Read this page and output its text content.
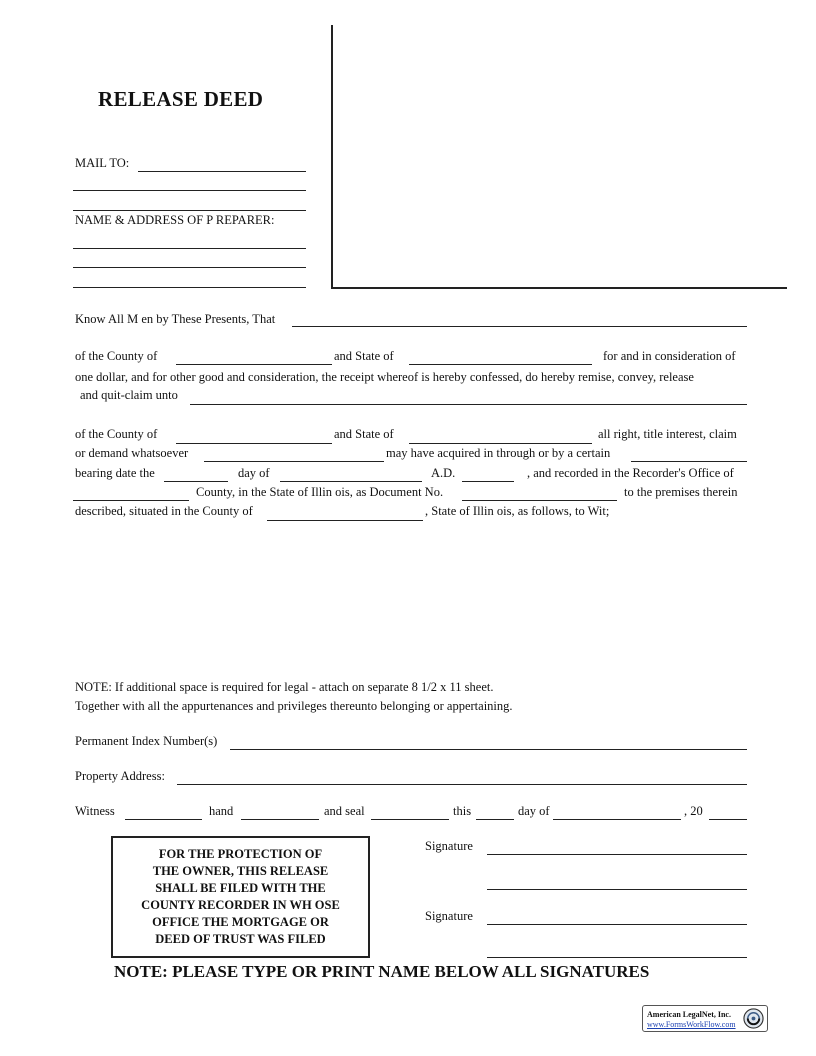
RELEASE DEED
MAIL TO:
NAME & ADDRESS OF P REPARER:
Know All M en by These Presents, That
of the County of	and State of	for and in consideration of
one dollar, and for other good and consideration, the receipt whereof is hereby confessed, do hereby remise, convey, release
and quit-claim unto
of the County of	and State of	all right, title interest, claim
or demand whatsoever	may have acquired in through or by a certain
bearing date the	day of	A.D.	, and recorded in the Recorder's Office of
County, in the State of Illin ois, as Document No.	to the premises therein
described, situated in the County of	, State of Illin ois, as follows, to Wit;
NOTE: If additional space is required for legal - attach on separate 8 1/2 x 11 sheet.
Together with all the appurtenances and privileges thereunto belonging or appertaining.
Permanent Index Number(s)
Property Address:
Witness	hand	and seal	this	day of	, 20
FOR THE PROTECTION OF
THE OWNER, THIS RELEASE
SHALL BE FILED WITH THE
COUNTY RECORDER IN WH OSE
OFFICE THE MORTGAGE OR
DEED OF TRUST WAS FILED
Signature
Signature
NOTE: PLEASE TYPE OR PRINT NAME BELOW ALL SIGNATURES
American LegalNet, Inc.
www.FormsWorkFlow.com
